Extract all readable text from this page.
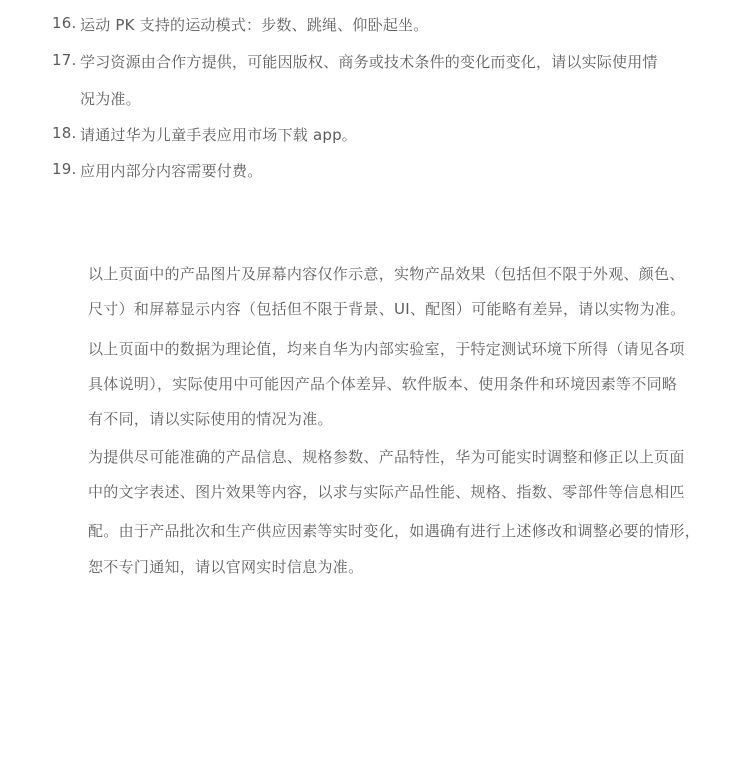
16. 运动 PK 支持的运动模式：步数、跳绳、仰卧起坐。
17. 学习资源由合作方提供，可能因版权、商务或技术条件的变化而变化，请以实际使用情
况为准。
18. 请通过华为儿童手表应用市场下载 app。
19. 应用内部分内容需要付费。
以上页面中的产品图片及屏幕内容仅作示意，实物产品效果（包括但不限于外观、颜色、
尺寸）和屏幕显示内容（包括但不限于背景、UI、配图）可能略有差异，请以实物为准。
以上页面中的数据为理论值，均来自华为内部实验室，于特定测试环境下所得（请见各项
具体说明），实际使用中可能因产品个体差异、软件版本、使用条件和环境因素等不同略
有不同，请以实际使用的情况为准。
为提供尽可能准确的产品信息、规格参数、产品特性，华为可能实时调整和修正以上页面
中的文字表述、图片效果等内容，以求与实际产品性能、规格、指数、零部件等信息相匹
配。由于产品批次和生产供应因素等实时变化，如遇确有进行上述修改和调整必要的情形，
恕不专门通知，请以官网实时信息为准。
